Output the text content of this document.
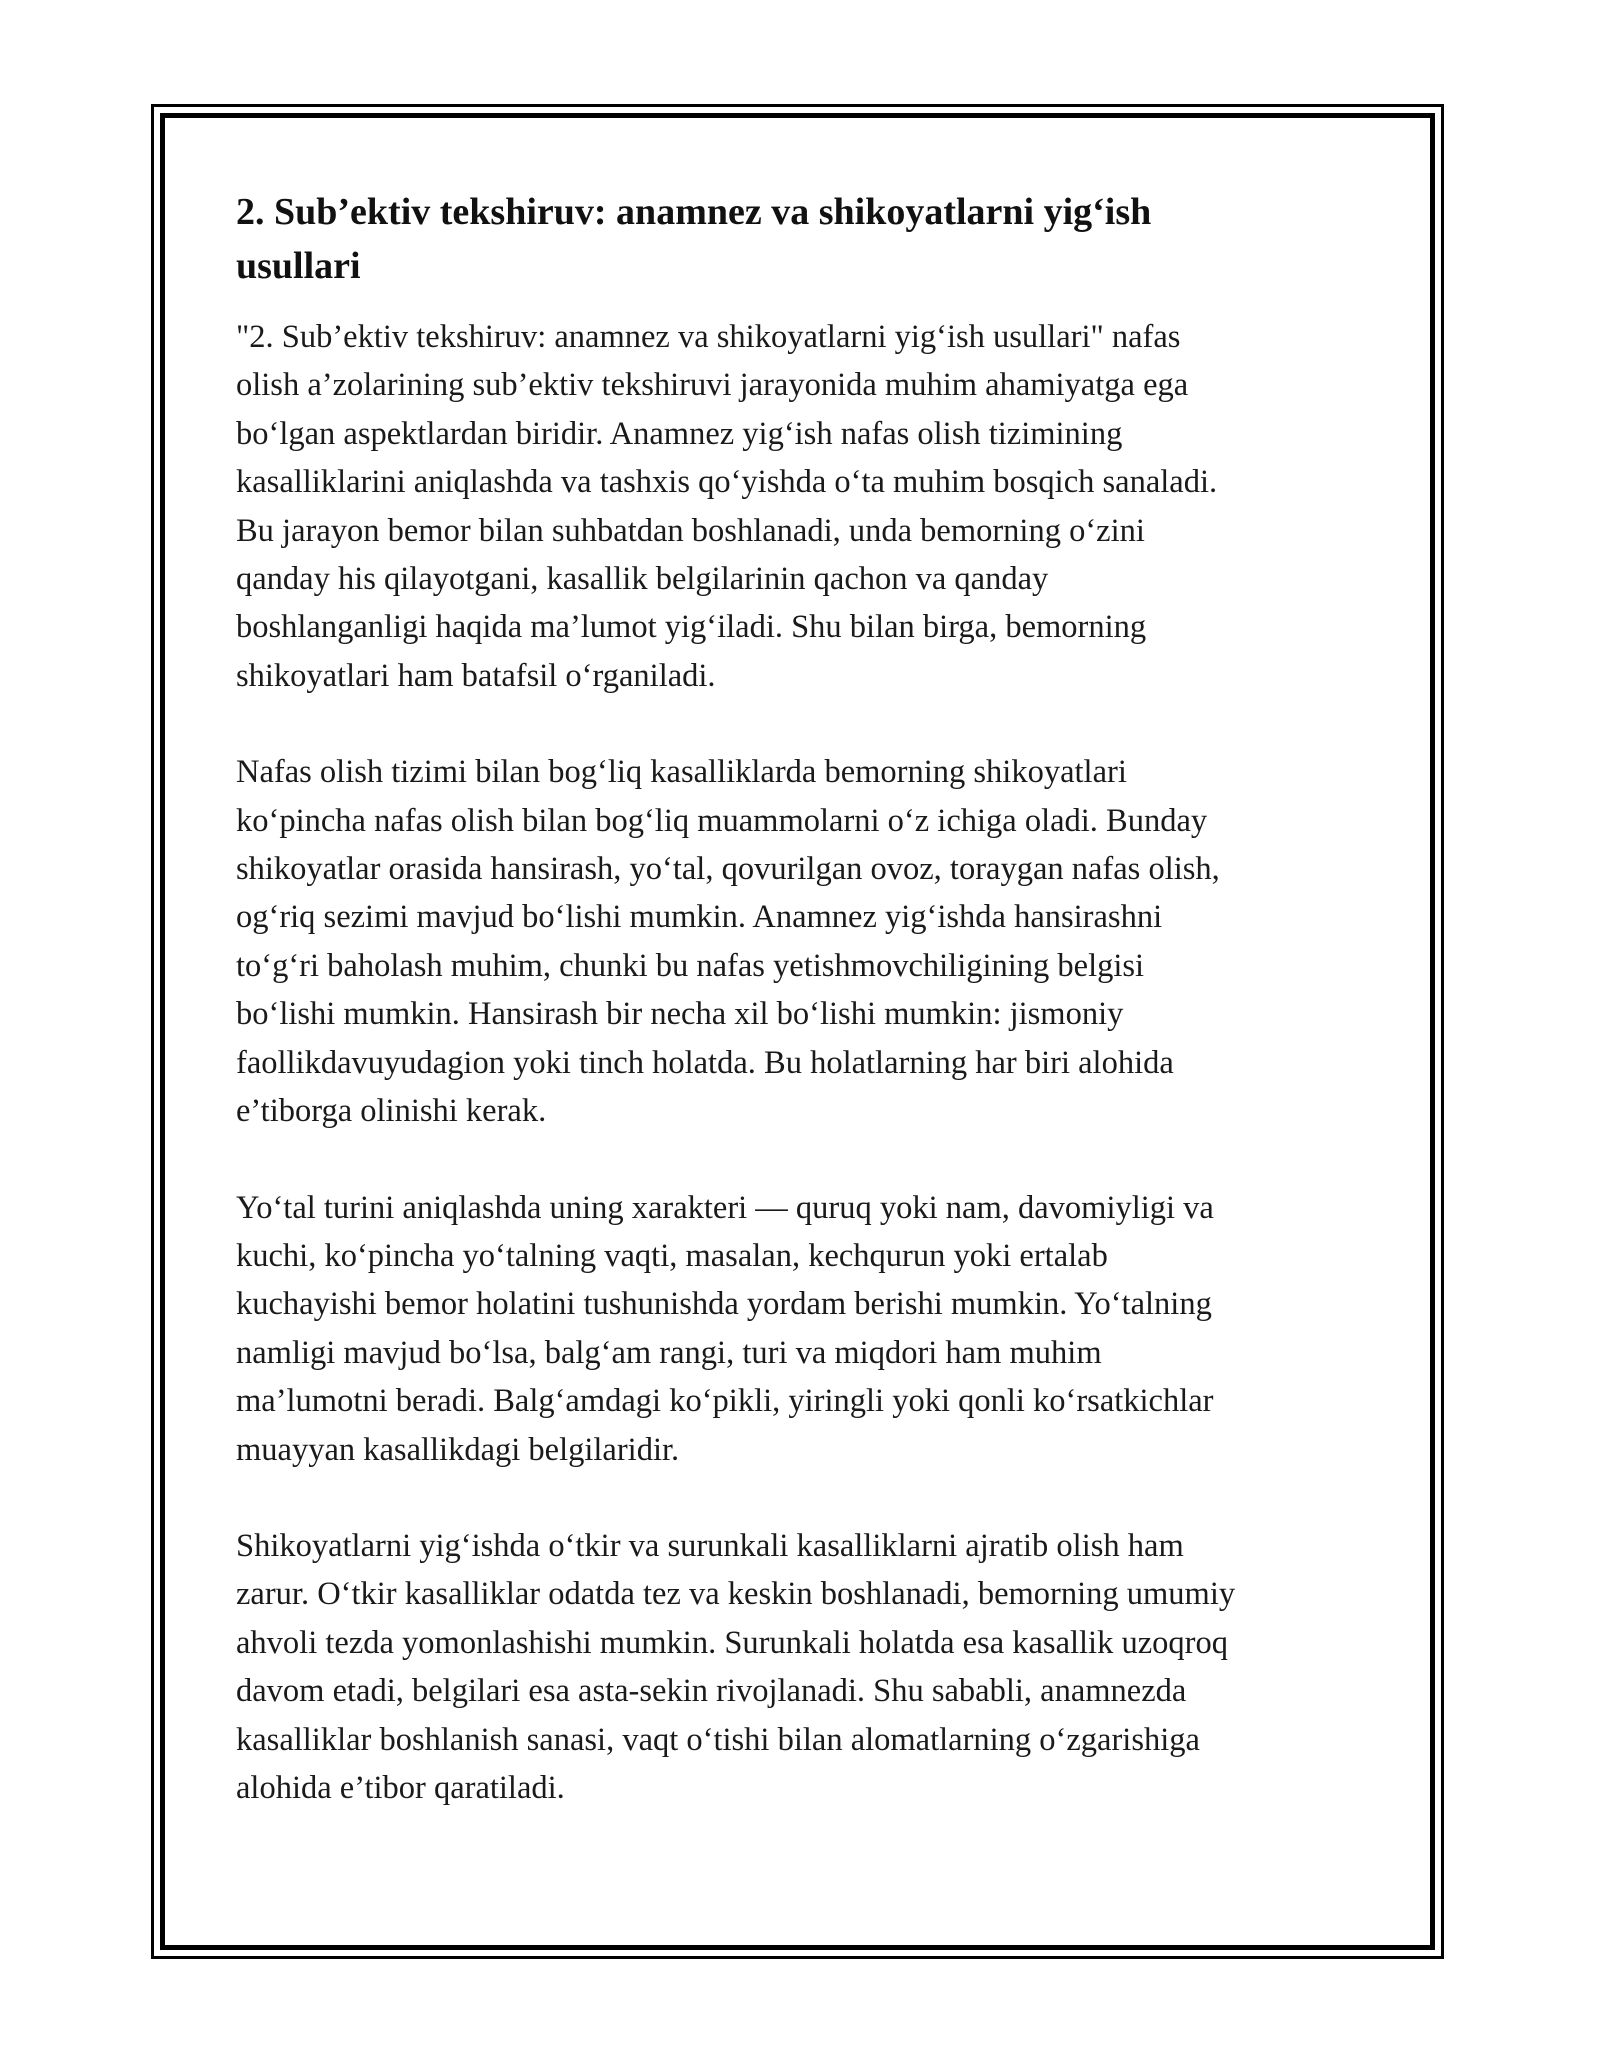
2. Sub’ektiv tekshiruv: anamnez va shikoyatlarni yig‘ish
usullari

"2. Sub’ektiv tekshiruv: anamnez va shikoyatlarni yig‘ish usullari" nafas
olish a’zolarining sub’ektiv tekshiruvi jarayonida muhim ahamiyatga ega
bo‘lgan aspektlardan biridir. Anamnez yig‘ish nafas olish tizimining
kasalliklarini aniqlashda va tashxis qo‘yishda o‘ta muhim bosqich sanaladi.
Bu jarayon bemor bilan suhbatdan boshlanadi, unda bemorning o‘zini
qanday his qilayotgani, kasallik belgilarinin qachon va qanday
boshlanganligi haqida ma’lumot yig‘iladi. Shu bilan birga, bemorning
shikoyatlari ham batafsil o‘rganiladi.

Nafas olish tizimi bilan bog‘liq kasalliklarda bemorning shikoyatlari
ko‘pincha nafas olish bilan bog‘liq muammolarni o‘z ichiga oladi. Bunday
shikoyatlar orasida hansirash, yo‘tal, qovurilgan ovoz, toraygan nafas olish,
og‘riq sezimi mavjud bo‘lishi mumkin. Anamnez yig‘ishda hansirashni
to‘g‘ri baholash muhim, chunki bu nafas yetishmovchiligining belgisi
bo‘lishi mumkin. Hansirash bir necha xil bo‘lishi mumkin: jismoniy
faollikdavuyudagion yoki tinch holatda. Bu holatlarning har biri alohida
e’tiborga olinishi kerak.

Yo‘tal turini aniqlashda uning xarakteri — quruq yoki nam, davomiyligi va
kuchi, ko‘pincha yo‘talning vaqti, masalan, kechqurun yoki ertalab
kuchayishi bemor holatini tushunishda yordam berishi mumkin. Yo‘talning
namligi mavjud bo‘lsa, balg‘am rangi, turi va miqdori ham muhim
ma’lumotni beradi. Balg‘amdagi ko‘pikli, yiringli yoki qonli ko‘rsatkichlar
muayyan kasallikdagi belgilaridir.

Shikoyatlarni yig‘ishda o‘tkir va surunkali kasalliklarni ajratib olish ham
zarur. O‘tkir kasalliklar odatda tez va keskin boshlanadi, bemorning umumiy
ahvoli tezda yomonlashishi mumkin. Surunkali holatda esa kasallik uzoqroq
davom etadi, belgilari esa asta-sekin rivojlanadi. Shu sababli, anamnezda
kasalliklar boshlanish sanasi, vaqt o‘tishi bilan alomatlarning o‘zgarishiga
alohida e’tibor qaratiladi.
